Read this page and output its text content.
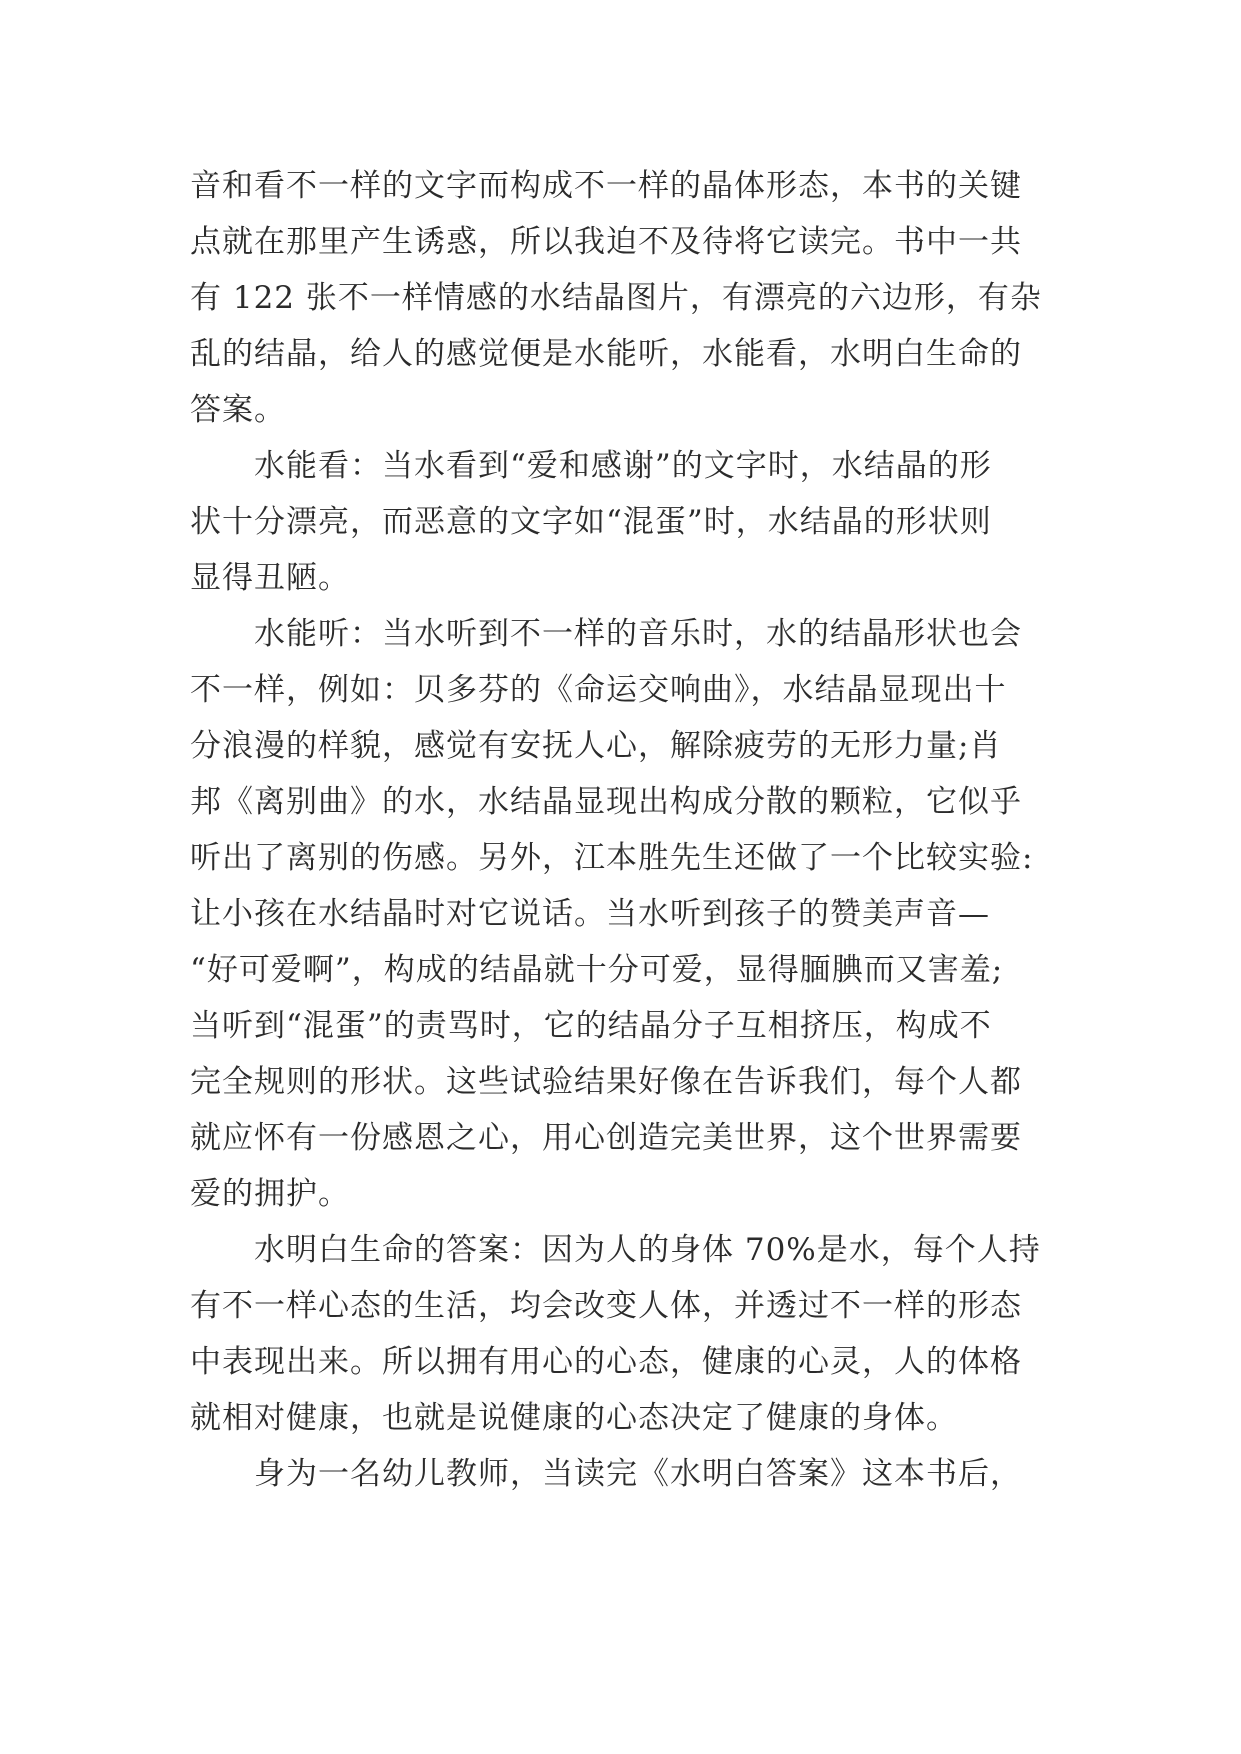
音和看不一样的文字而构成不一样的晶体形态，本书的关键
点就在那里产生诱惑，所以我迫不及待将它读完。书中一共
有 122 张不一样情感的水结晶图片，有漂亮的六边形，有杂
乱的结晶，给人的感觉便是水能听，水能看，水明白生命的
答案。
水能看：当水看到“爱和感谢”的文字时，水结晶的形
状十分漂亮，而恶意的文字如“混蛋”时，水结晶的形状则
显得丑陋。
水能听：当水听到不一样的音乐时，水的结晶形状也会
不一样，例如：贝多芬的《命运交响曲》，水结晶显现出十
分浪漫的样貌，感觉有安抚人心，解除疲劳的无形力量;肖
邦《离别曲》的水，水结晶显现出构成分散的颗粒，它似乎
听出了离别的伤感。另外，江本胜先生还做了一个比较实验:
让小孩在水结晶时对它说话。当水听到孩子的赞美声音—
“好可爱啊”，构成的结晶就十分可爱，显得腼腆而又害羞;
当听到“混蛋”的责骂时，它的结晶分子互相挤压，构成不
完全规则的形状。这些试验结果好像在告诉我们，每个人都
就应怀有一份感恩之心，用心创造完美世界，这个世界需要
爱的拥护。
水明白生命的答案：因为人的身体 70%是水，每个人持
有不一样心态的生活，均会改变人体，并透过不一样的形态
中表现出来。所以拥有用心的心态，健康的心灵，人的体格
就相对健康，也就是说健康的心态决定了健康的身体。
身为一名幼儿教师，当读完《水明白答案》这本书后，
